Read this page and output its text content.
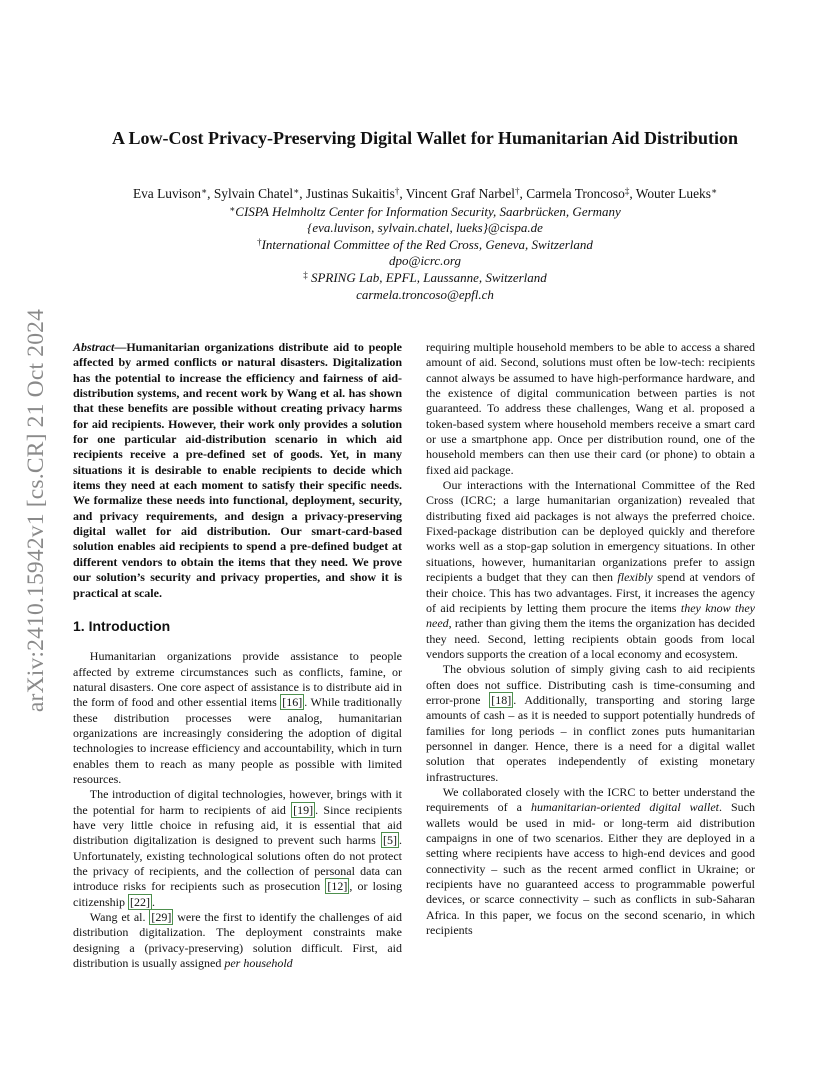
arXiv:2410.15942v1 [cs.CR] 21 Oct 2024
A Low-Cost Privacy-Preserving Digital Wallet for Humanitarian Aid Distribution
Eva Luvison∗, Sylvain Chatel∗, Justinas Sukaitis†, Vincent Graf Narbel†, Carmela Troncoso‡, Wouter Lueks∗
∗CISPA Helmholtz Center for Information Security, Saarbrücken, Germany
{eva.luvison, sylvain.chatel, lueks}@cispa.de
†International Committee of the Red Cross, Geneva, Switzerland
dpo@icrc.org
‡ SPRING Lab, EPFL, Laussanne, Switzerland
carmela.troncoso@epfl.ch

Abstract—Humanitarian organizations distribute aid to people affected by armed conflicts or natural disasters. Digitalization has the potential to increase the efficiency and fairness of aid-distribution systems, and recent work by Wang et al. has shown that these benefits are possible without creating privacy harms for aid recipients. However, their work only provides a solution for one particular aid-distribution scenario in which aid recipients receive a pre-defined set of goods. Yet, in many situations it is desirable to enable recipients to decide which items they need at each moment to satisfy their specific needs. We formalize these needs into functional, deployment, security, and privacy requirements, and design a privacy-preserving digital wallet for aid distribution. Our smart-card-based solution enables aid recipients to spend a pre-defined budget at different vendors to obtain the items that they need. We prove our solution’s security and privacy properties, and show it is practical at scale.

1. Introduction

Humanitarian organizations provide assistance to people affected by extreme circumstances such as conflicts, famine, or natural disasters. One core aspect of assistance is to distribute aid in the form of food and other essential items [16] . While traditionally these distribution processes were analog, humanitarian organizations are increasingly considering the adoption of digital technologies to increase efficiency and accountability, which in turn enables them to reach as many people as possible with limited resources.

The introduction of digital technologies, however, brings with it the potential for harm to recipients of aid [19] . Since recipients have very little choice in refusing aid, it is essential that aid distribution digitalization is designed to prevent such harms [5] . Unfortunately, existing technological solutions often do not protect the privacy of recipients, and the collection of personal data can introduce risks for recipients such as prosecution [12] , or losing citizenship [22] .

Wang et al. [29] were the first to identify the challenges of aid distribution digitalization. The deployment constraints make designing a (privacy-preserving) solution difficult. First, aid distribution is usually assigned per household

requiring multiple household members to be able to access a shared amount of aid. Second, solutions must often be low-tech: recipients cannot always be assumed to have high-performance hardware, and the existence of digital communication between parties is not guaranteed. To address these challenges, Wang et al. proposed a token-based system where household members receive a smart card or use a smartphone app. Once per distribution round, one of the household members can then use their card (or phone) to obtain a fixed aid package.

Our interactions with the International Committee of the Red Cross (ICRC; a large humanitarian organization) revealed that distributing fixed aid packages is not always the preferred choice. Fixed-package distribution can be deployed quickly and therefore works well as a stop-gap solution in emergency situations. In other situations, however, humanitarian organizations prefer to assign recipients a budget that they can then flexibly spend at vendors of their choice. This has two advantages. First, it increases the agency of aid recipients by letting them procure the items they know they need, rather than giving them the items the organization has decided they need. Second, letting recipients obtain goods from local vendors supports the creation of a local economy and ecosystem.

The obvious solution of simply giving cash to aid recipients often does not suffice. Distributing cash is time-consuming and error-prone [18] . Additionally, transporting and storing large amounts of cash – as it is needed to support potentially hundreds of families for long periods – in conflict zones puts humanitarian personnel in danger. Hence, there is a need for a digital wallet solution that operates independently of existing monetary infrastructures.

We collaborated closely with the ICRC to better understand the requirements of a humanitarian-oriented digital wallet. Such wallets would be used in mid- or long-term aid distribution campaigns in one of two scenarios. Either they are deployed in a setting where recipients have access to high-end devices and good connectivity – such as the recent armed conflict in Ukraine; or recipients have no guaranteed access to programmable powerful devices, or scarce connectivity – such as conflicts in sub-Saharan Africa. In this paper, we focus on the second scenario, in which recipients
